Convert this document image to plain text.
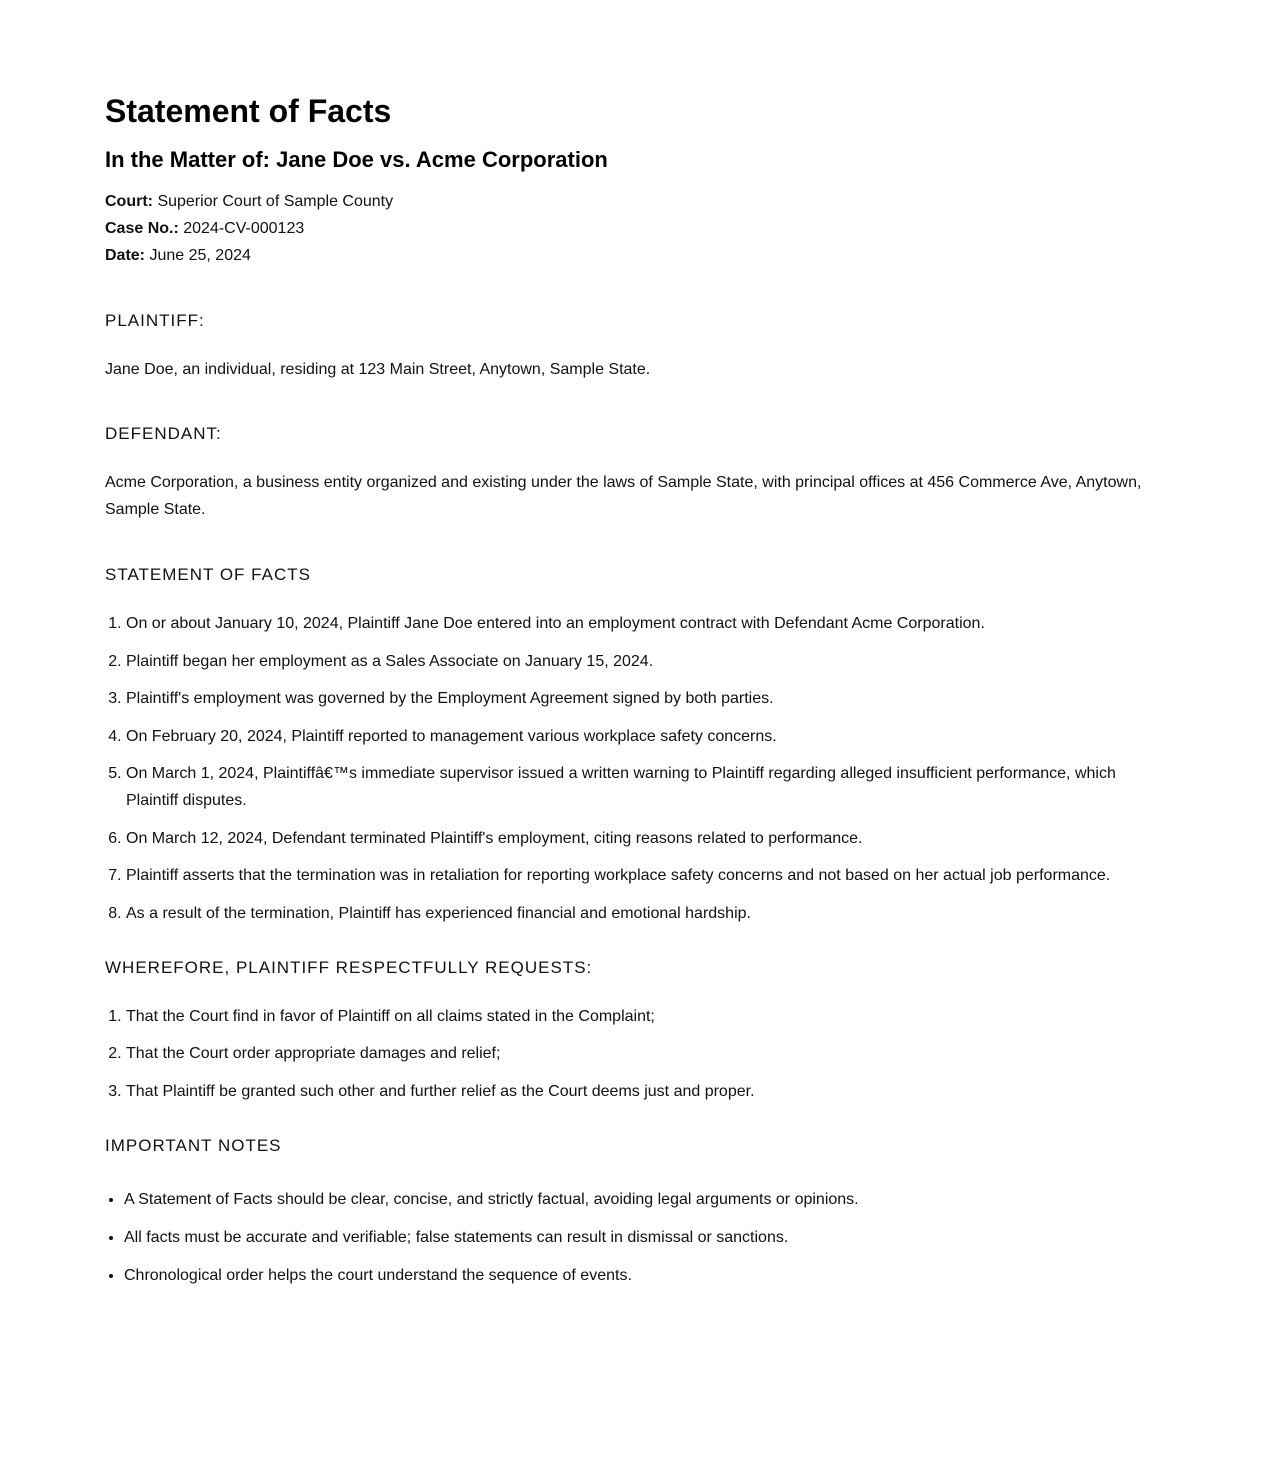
Statement of Facts
In the Matter of: Jane Doe vs. Acme Corporation
Court: Superior Court of Sample County
Case No.: 2024-CV-000123
Date: June 25, 2024
PLAINTIFF:

Jane Doe, an individual, residing at 123 Main Street, Anytown, Sample State.

DEFENDANT:

Acme Corporation, a business entity organized and existing under the laws of Sample State, with principal offices at 456 Commerce Ave, Anytown, Sample State.

STATEMENT OF FACTS
1. On or about January 10, 2024, Plaintiff Jane Doe entered into an employment contract with Defendant Acme Corporation.
2. Plaintiff began her employment as a Sales Associate on January 15, 2024.
3. Plaintiff's employment was governed by the Employment Agreement signed by both parties.
4. On February 20, 2024, Plaintiff reported to management various workplace safety concerns.
5. On March 1, 2024, Plaintiffâ€™s immediate supervisor issued a written warning to Plaintiff regarding alleged insufficient performance, which Plaintiff disputes.
6. On March 12, 2024, Defendant terminated Plaintiff's employment, citing reasons related to performance.
7. Plaintiff asserts that the termination was in retaliation for reporting workplace safety concerns and not based on her actual job performance.
8. As a result of the termination, Plaintiff has experienced financial and emotional hardship.
WHEREFORE, PLAINTIFF RESPECTFULLY REQUESTS:
1. That the Court find in favor of Plaintiff on all claims stated in the Complaint;
2. That the Court order appropriate damages and relief;
3. That Plaintiff be granted such other and further relief as the Court deems just and proper.
IMPORTANT NOTES
• A Statement of Facts should be clear, concise, and strictly factual, avoiding legal arguments or opinions.
• All facts must be accurate and verifiable; false statements can result in dismissal or sanctions.
• Chronological order helps the court understand the sequence of events.
